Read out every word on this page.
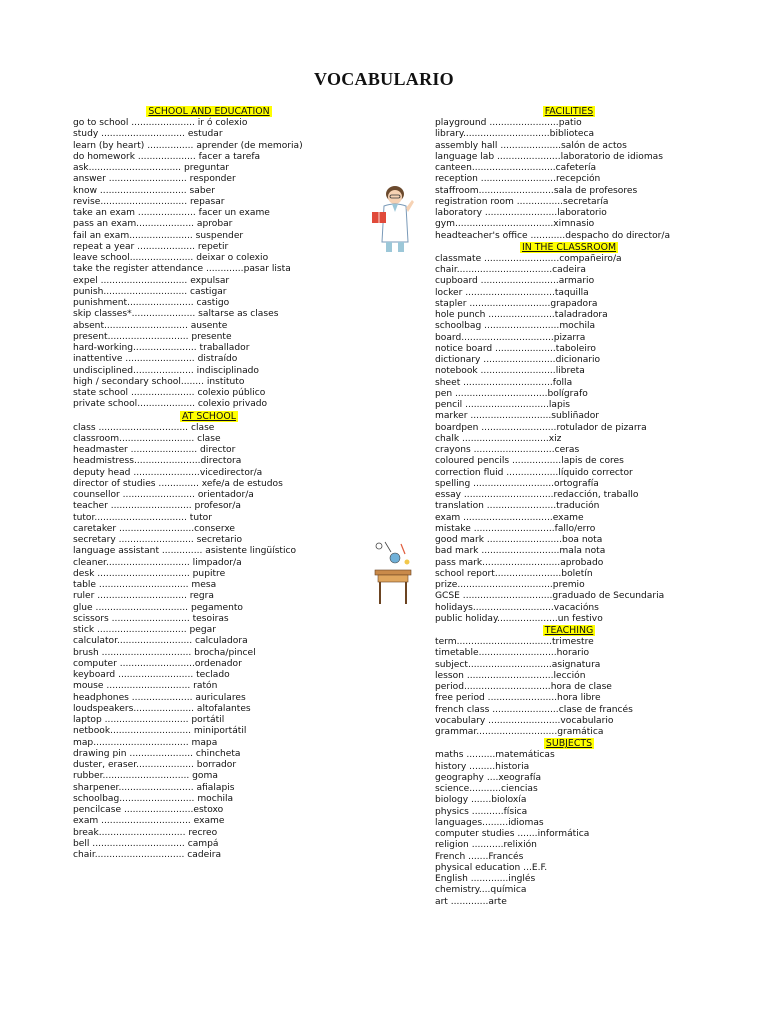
VOCABULARIO
SCHOOL AND EDUCATION
go to school ...................... ir ó colexio
study ............................. estudar
learn (by heart) ................ aprender (de memoria)
do homework .................... facer a tarefa
ask................................ preguntar
answer ........................... responder
know .............................. saber
revise.............................. repasar
take an exam .................... facer un exame
pass an exam.................... aprobar
fail an exam...................... suspender
repeat a year .................... repetir
leave school...................... deixar o colexio
take the register attendance .............pasar lista
expel .............................. expulsar
punish............................. castigar
punishment....................... castigo
skip classes*...................... saltarse as clases
absent............................. ausente
present............................ presente
hard-working...................... traballador
inattentive ........................ distraído
undisciplined..................... indisciplinado
high / secondary school........ instituto
state school ...................... colexio público
private school.................... colexio privado
AT SCHOOL
class ............................... clase
classroom.......................... clase
headmaster ....................... director
headmistress.......................directora
deputy head .......................vicedirector/a
director of studies .............. xefe/a de estudos
counsellor ......................... orientador/a
teacher ............................ profesor/a
tutor................................ tutor
caretaker ..........................conserxe
secretary .......................... secretario
language assistant .............. asistente lingüístico
cleaner............................. limpador/a
desk ................................ pupitre
table ............................... mesa
ruler ............................... regra
glue ................................ pegamento
scissors ........................... tesoiras
stick ............................... pegar
calculator.......................... calculadora
brush ............................... brocha/pincel
computer ..........................ordenador
keyboard .......................... teclado
mouse ............................. ratón
headphones ..................... auriculares
loudspeakers..................... altofalantes
laptop ............................. portátil
netbook............................ miniportátil
map................................. mapa
drawing pin ...................... chincheta
duster, eraser.................... borrador
rubber.............................. goma
sharpener.......................... afialapis
schoolbag.......................... mochila
pencilcase ........................estoxo
exam ............................... exame
break.............................. recreo
bell ................................ campá
chair............................... cadeira
FACILITIES
playground ........................patio
library..............................biblioteca
assembly hall .....................salón de actos
language lab ......................laboratorio de idiomas
canteen.............................cafetería
reception ..........................recepción
staffroom..........................sala de profesores
registration room ................secretaría
laboratory .........................laboratorio
gym..................................ximnasio
headteacher's office ............despacho do director/a
IN THE CLASSROOM
classmate ..........................compañeiro/a
chair.................................cadeira
cupboard ...........................armario
locker ...............................taquilla
stapler ............................grapadora
hole punch .......................taladradora
schoolbag ..........................mochila
board................................pizarra
notice board .....................taboleiro
dictionary .........................dicionario
notebook ..........................libreta
sheet ...............................folla
pen ................................bolígrafo
pencil .............................lapis
marker ............................subliñador
boardpen ..........................rotulador de pizarra
chalk ..............................xiz
crayons ............................ceras
coloured pencils .................lapis de cores
correction fluid ..................líquido corrector
spelling ............................ortografía
essay ...............................redacción, traballo
translation ........................tradución
exam ...............................exame
mistake ............................fallo/erro
good mark ..........................boa nota
bad mark ...........................mala nota
pass mark...........................aprobado
school report.......................boletín
prize.................................premio
GCSE ...............................graduado de Secundaria
holidays............................vacacións
public holiday.....................un festivo
TEACHING
term.................................trimestre
timetable...........................horario
subject.............................asignatura
lesson ..............................lección
period..............................hora de clase
free period ........................hora libre
french class .......................clase de francés
vocabulary .........................vocabulario
grammar............................gramática
SUBJECTS
maths ..........matemáticas
history .........historia
geography ....xeografía
science...........ciencias
biology .......bioloxía
physics ...........física
languages.........idiomas
computer studies .......informática
religion ...........relixión
French .......Francés
physical education ...E.F.
English .............inglés
chemistry....química
art .............arte
